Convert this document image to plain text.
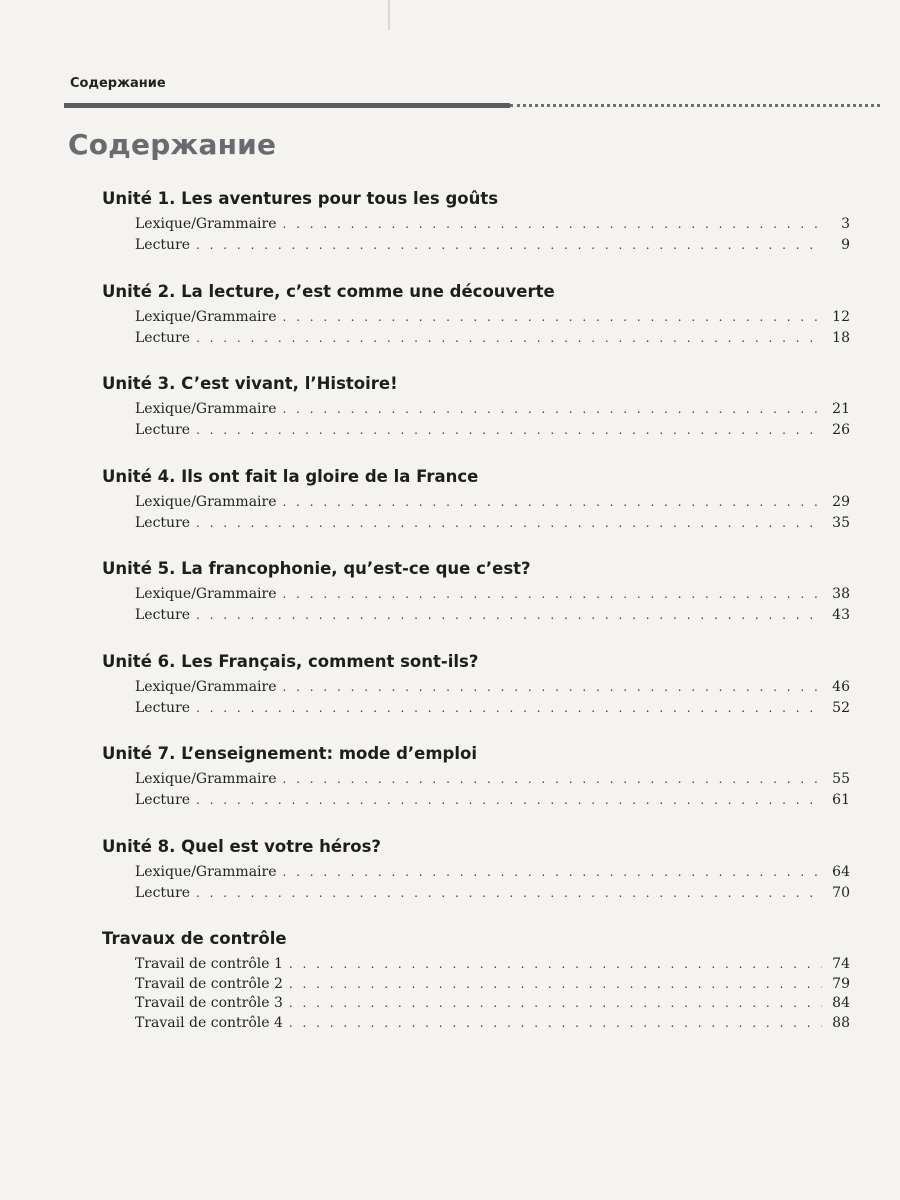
Содержание
Содержание
Unité 1. Les aventures pour tous les goûts
Lexique/Grammaire . . .	3
Lecture . . .	9
Unité 2. La lecture, c’est comme une découverte
Lexique/Grammaire . . .	12
Lecture . . .	18
Unité 3. C’est vivant, l’Histoire!
Lexique/Grammaire . . .	21
Lecture . . .	26
Unité 4. Ils ont fait la gloire de la France
Lexique/Grammaire . . .	29
Lecture . . .	35
Unité 5. La francophonie, qu’est-ce que c’est?
Lexique/Grammaire . . .	38
Lecture . . .	43
Unité 6. Les Français, comment sont-ils?
Lexique/Grammaire . . .	46
Lecture . . .	52
Unité 7. L’enseignement: mode d’emploi
Lexique/Grammaire . . .	55
Lecture . . .	61
Unité 8. Quel est votre héros?
Lexique/Grammaire . . .	64
Lecture . . .	70
Travaux de contrôle
Travail de contrôle 1 . . .	74
Travail de contrôle 2 . . .	79
Travail de contrôle 3 . . .	84
Travail de contrôle 4 . . .	88
